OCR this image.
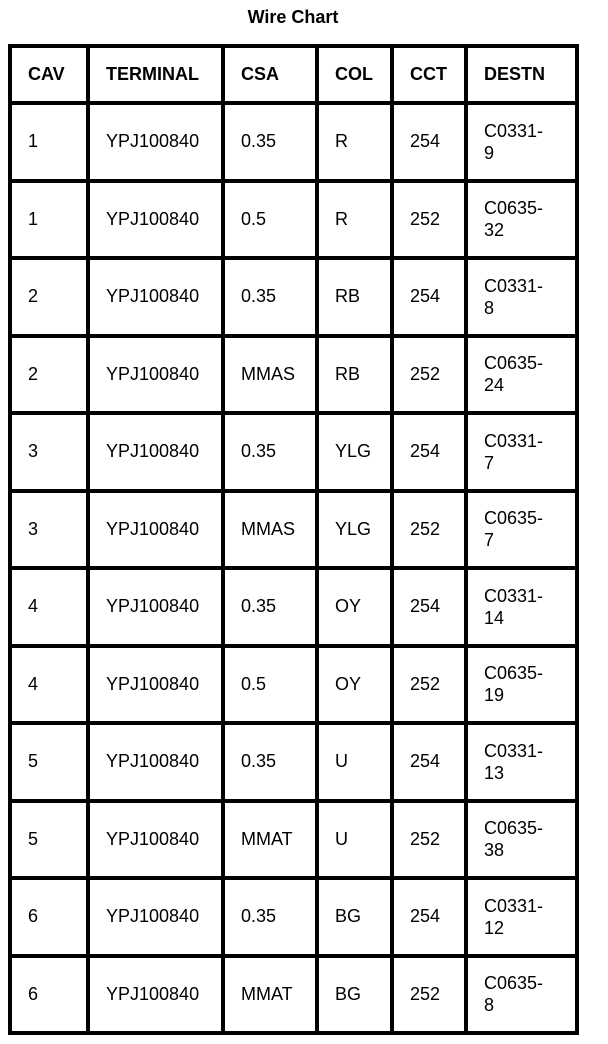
Wire Chart
CAV	TERMINAL	CSA	COL	CCT	DESTN
1	YPJ100840	0.35	R	254	C0331-
9

1	YPJ100840	0.5	R	252	C0635-
32

2	YPJ100840	0.35	RB	254	C0331-
8

2	YPJ100840	MMAS	RB	252	C0635-
24

3	YPJ100840	0.35	YLG	254	C0331-
7

3	YPJ100840	MMAS	YLG	252	C0635-
7

4	YPJ100840	0.35	OY	254	C0331-
14

4	YPJ100840	0.5	OY	252	C0635-
19

5	YPJ100840	0.35	U	254	C0331-
13

5	YPJ100840	MMAT	U	252	C0635-
38

6	YPJ100840	0.35	BG	254	C0331-
12

6	YPJ100840	MMAT	BG	252	C0635-
8
